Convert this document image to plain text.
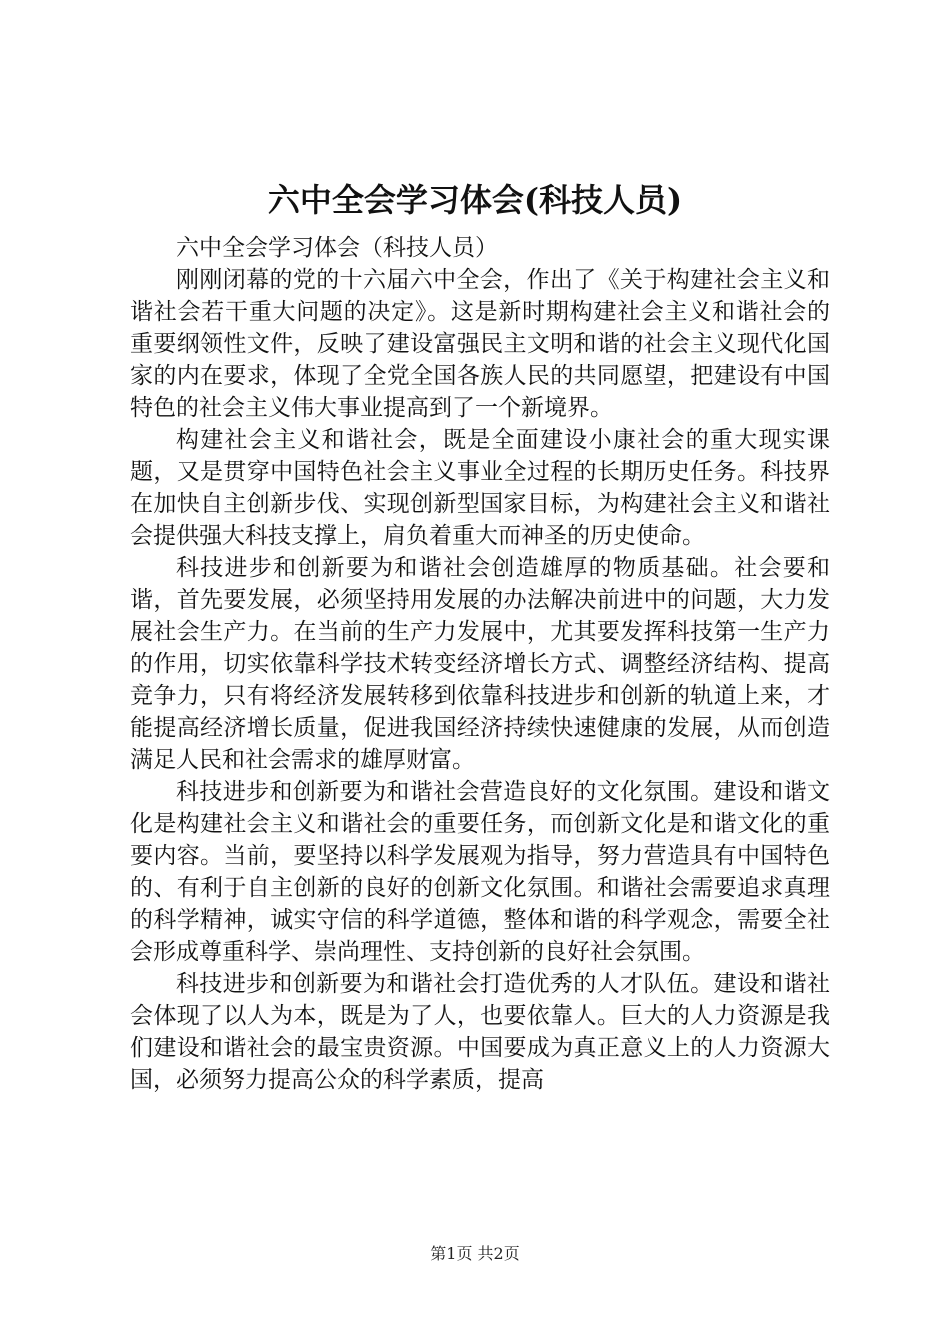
六中全会学习体会(科技人员)

六中全会学习体会（科技人员）

刚刚闭幕的党的十六届六中全会，作出了《关于构建社会主义和谐社会若干重大问题的决定》。这是新时期构建社会主义和谐社会的重要纲领性文件，反映了建设富强民主文明和谐的社会主义现代化国家的内在要求，体现了全党全国各族人民的共同愿望，把建设有中国特色的社会主义伟大事业提高到了一个新境界。

构建社会主义和谐社会，既是全面建设小康社会的重大现实课题，又是贯穿中国特色社会主义事业全过程的长期历史任务。科技界在加快自主创新步伐、实现创新型国家目标，为构建社会主义和谐社会提供强大科技支撑上，肩负着重大而神圣的历史使命。

科技进步和创新要为和谐社会创造雄厚的物质基础。社会要和谐，首先要发展，必须坚持用发展的办法解决前进中的问题，大力发展社会生产力。在当前的生产力发展中，尤其要发挥科技第一生产力的作用，切实依靠科学技术转变经济增长方式、调整经济结构、提高竞争力，只有将经济发展转移到依靠科技进步和创新的轨道上来，才能提高经济增长质量，促进我国经济持续快速健康的发展，从而创造满足人民和社会需求的雄厚财富。

科技进步和创新要为和谐社会营造良好的文化氛围。建设和谐文化是构建社会主义和谐社会的重要任务，而创新文化是和谐文化的重要内容。当前，要坚持以科学发展观为指导，努力营造具有中国特色的、有利于自主创新的良好的创新文化氛围。和谐社会需要追求真理的科学精神，诚实守信的科学道德，整体和谐的科学观念，需要全社会形成尊重科学、崇尚理性、支持创新的良好社会氛围。

科技进步和创新要为和谐社会打造优秀的人才队伍。建设和谐社会体现了以人为本，既是为了人，也要依靠人。巨大的人力资源是我们建设和谐社会的最宝贵资源。中国要成为真正意义上的人力资源大国，必须努力提高公众的科学素质，提高

第1页 共2页
